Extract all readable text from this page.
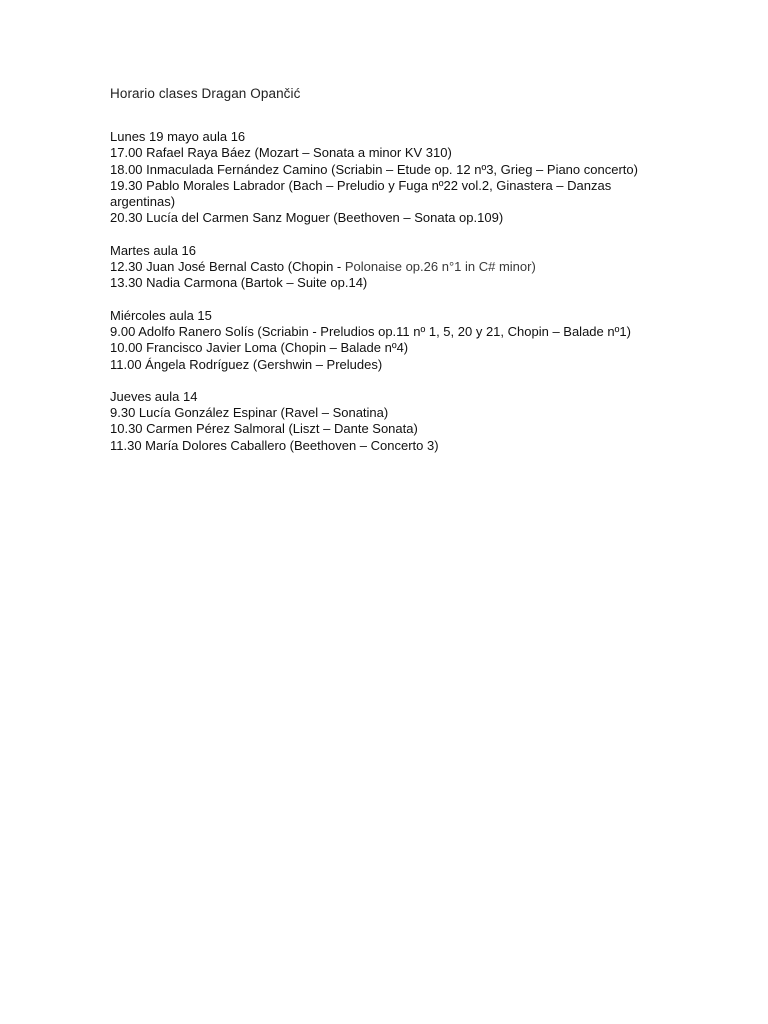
Horario clases Dragan Opančić
Lunes 19 mayo aula 16
17.00 Rafael Raya Báez (Mozart – Sonata a minor KV 310)
18.00 Inmaculada Fernández Camino (Scriabin – Etude op. 12 nº3, Grieg – Piano concerto)
19.30 Pablo Morales Labrador (Bach – Preludio y Fuga nº22 vol.2, Ginastera – Danzas argentinas)
20.30 Lucía del Carmen Sanz Moguer (Beethoven – Sonata op.109)
Martes aula 16
12.30 Juan José Bernal Casto (Chopin - Polonaise op.26 n°1 in C# minor)
13.30 Nadia Carmona (Bartok – Suite op.14)
Miércoles aula 15
9.00 Adolfo Ranero Solís (Scriabin - Preludios op.11 nº 1, 5, 20 y 21, Chopin – Balade nº1)
10.00 Francisco Javier Loma (Chopin – Balade nº4)
11.00 Ángela Rodríguez (Gershwin – Preludes)
Jueves aula 14
9.30 Lucía González Espinar (Ravel – Sonatina)
10.30 Carmen Pérez Salmoral (Liszt – Dante Sonata)
11.30 María Dolores Caballero (Beethoven – Concerto 3)
